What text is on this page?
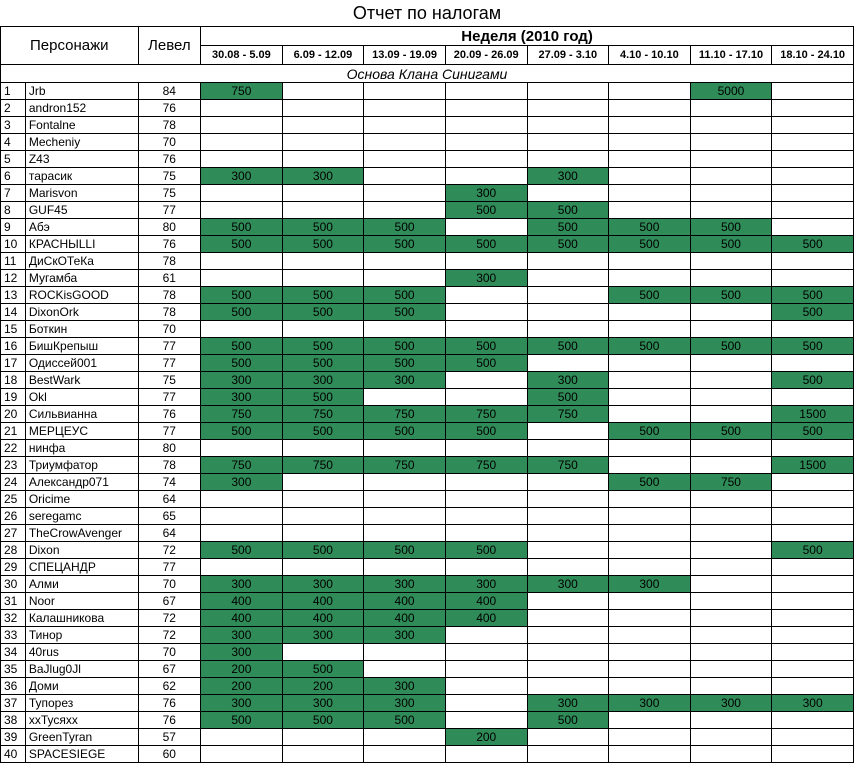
Отчет по налогам
Персонажи		Левел	Неделя (2010 год)							
			30.08 - 5.09	6.09 - 12.09	13.09 - 19.09	20.09 - 26.09	27.09 - 3.10	4.10 - 10.10	11.10 - 17.10	18.10 - 24.10
Основа Клана Синигами										
1	Jrb	84	750						5000	
2	andron152	76								
3	Fontalne	78								
4	Mecheniy	70								
5	Z43	76								
6	тарасик	75	300	300			300			
7	Marisvon	75				300				
8	GUF45	77				500	500			
9	Абэ	80	500	500	500		500	500	500	
10	КРАСНЫLLI	76	500	500	500	500	500	500	500	500
11	ДиСкОТеКа	78								
12	Мугамба	61				300				
13	ROCKisGOOD	78	500	500	500			500	500	500
14	DixonOrk	78	500	500	500					500
15	Боткин	70								
16	БишКрепыш	77	500	500	500	500	500	500	500	500
17	Одиссей001	77	500	500	500	500				
18	BestWark	75	300	300	300		300			500
19	Okl	77	300	500			500			
20	Сильвианна	76	750	750	750	750	750			1500
21	МЕРЦЕУС	77	500	500	500	500		500	500	500
22	нинфа	80								
23	Триумфатор	78	750	750	750	750	750			1500
24	Александр071	74	300					500	750	
25	Oricime	64								
26	seregamc	65								
27	TheCrowAvenger	64								
28	Dixon	72	500	500	500	500				500
29	СПЕЦАНДР	77								
30	Алми	70	300	300	300	300	300	300		
31	Noor	67	400	400	400	400				
32	Калашникова	72	400	400	400	400				
33	Тинор	72	300	300	300					
34	40rus	70	300							
35	BaJlug0Jl	67	200	500						
36	Доми	62	200	200	300					
37	Тупорез	76	300	300	300		300	300	300	300
38	xxТусяхх	76	500	500	500		500			
39	GreenTyran	57				200				
40	SPACESIEGE	60								
